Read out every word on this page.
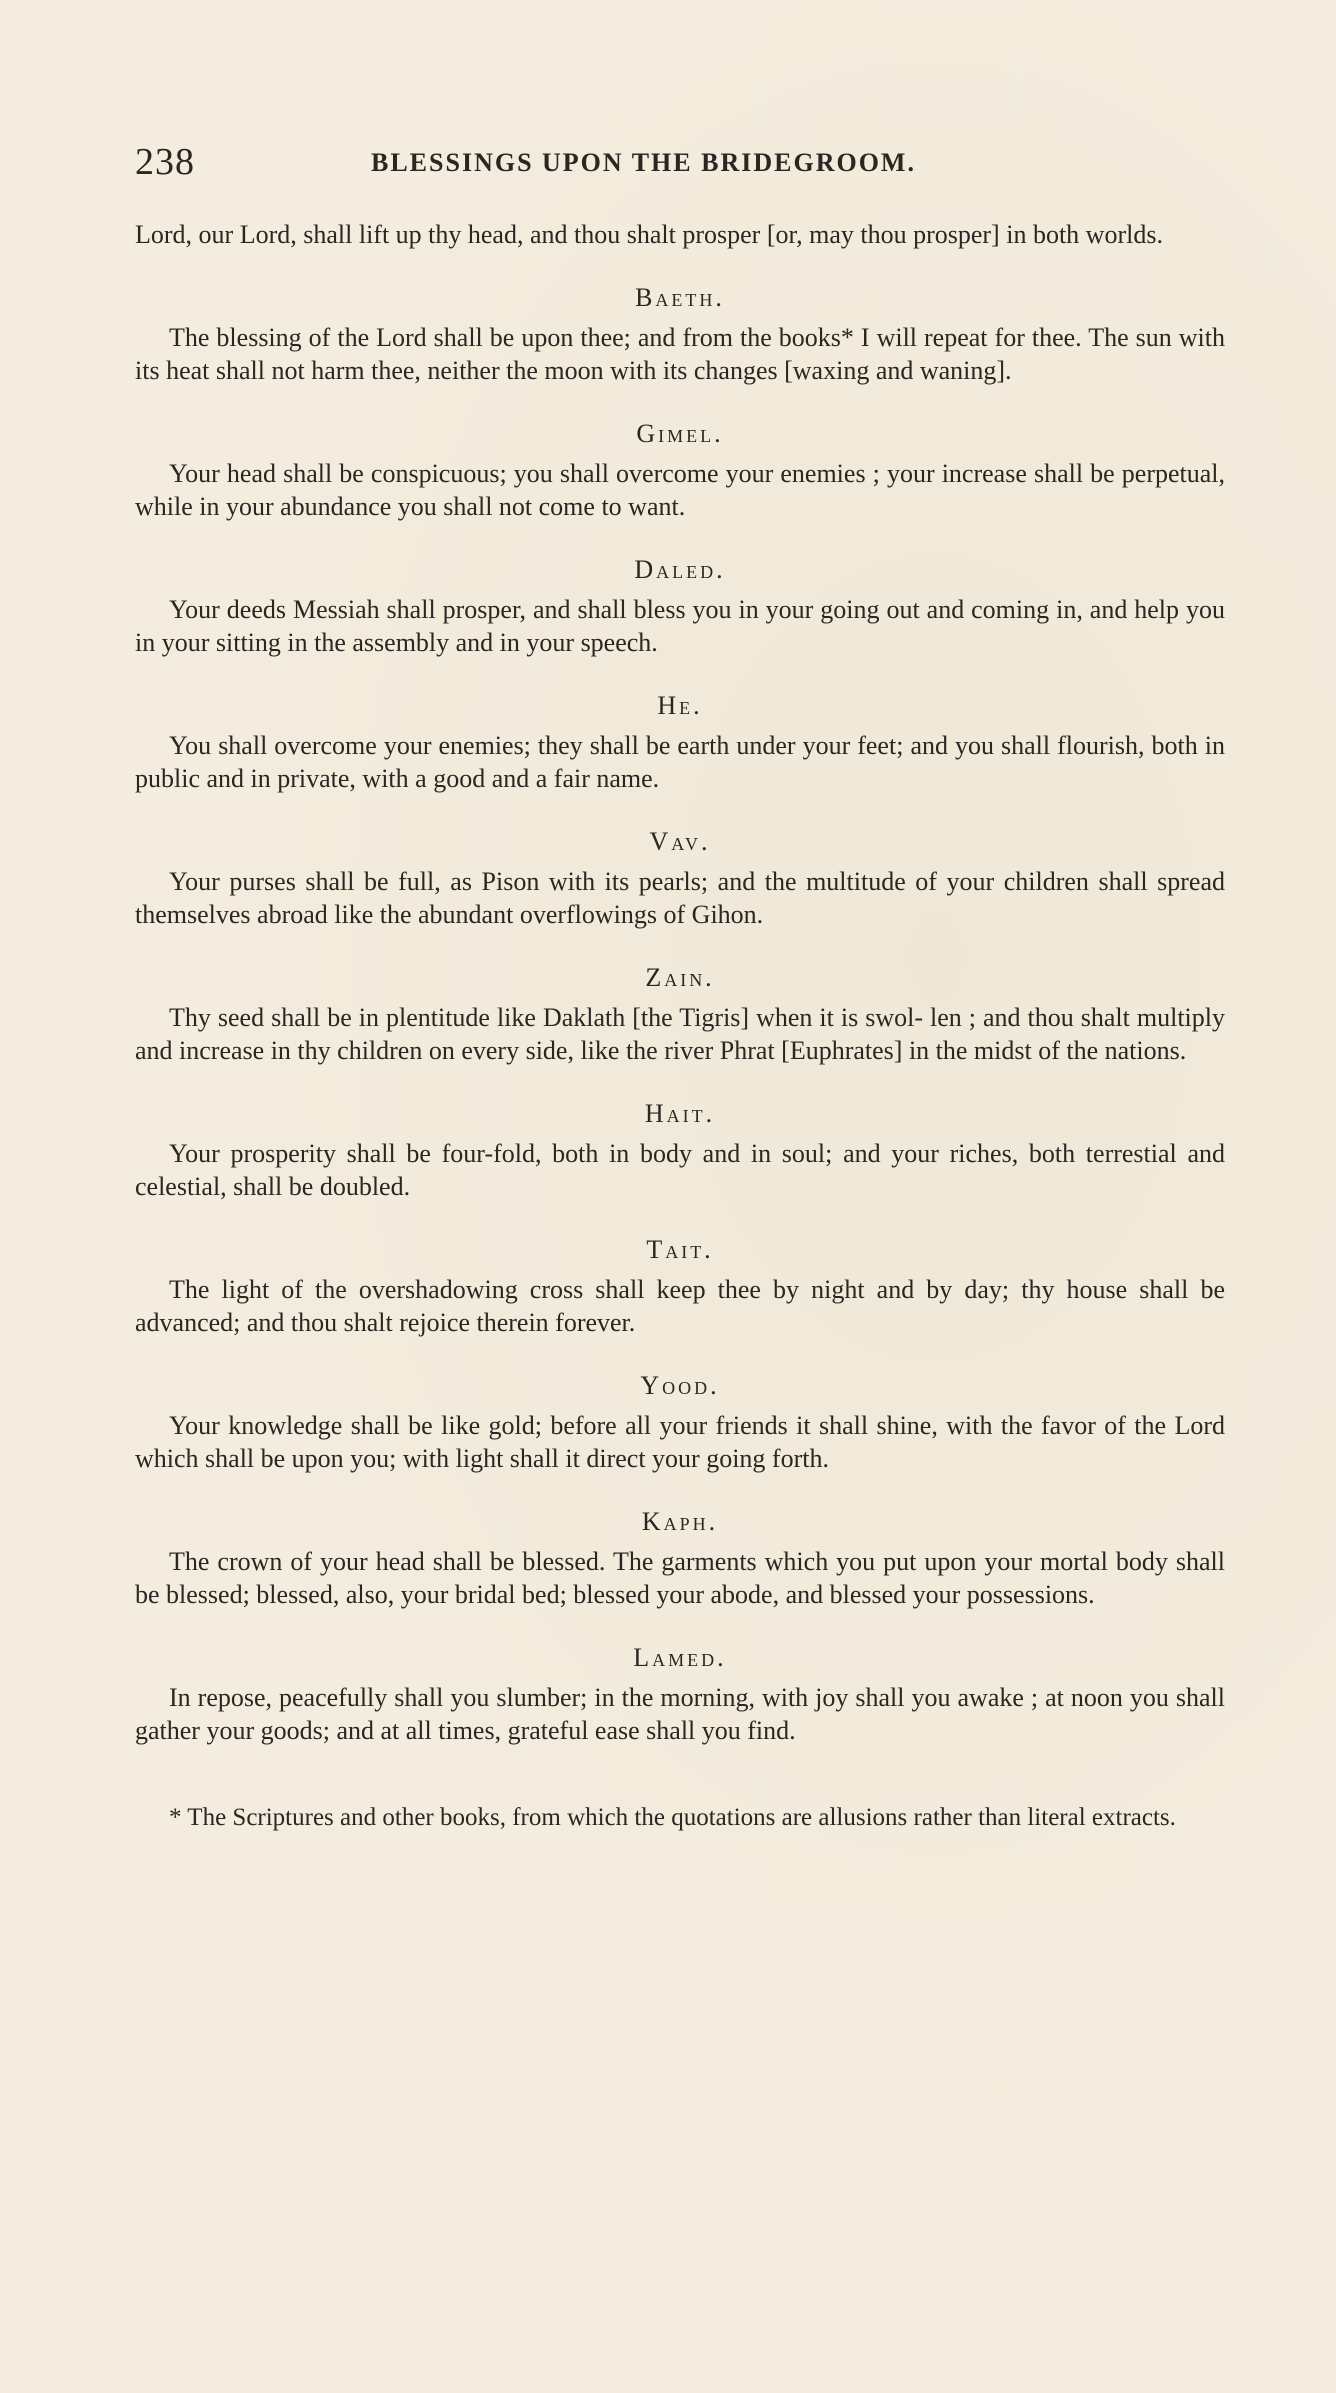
238	BLESSINGS UPON THE BRIDEGROOM.

Lord, our Lord, shall lift up thy head, and thou shalt prosper [or, may thou prosper] in both worlds.

Baeth.

The blessing of the Lord shall be upon thee; and from the books* I will repeat for thee. The sun with its heat shall not harm thee, neither the moon with its changes [waxing and waning].

Gimel.

Your head shall be conspicuous; you shall overcome your enemies ; your increase shall be perpetual, while in your abundance you shall not come to want.

Daled.

Your deeds Messiah shall prosper, and shall bless you in your going out and coming in, and help you in your sitting in the assembly and in your speech.

He.

You shall overcome your enemies; they shall be earth under your feet; and you shall flourish, both in public and in private, with a good and a fair name.

Vav.

Your purses shall be full, as Pison with its pearls; and the multitude of your children shall spread themselves abroad like the abundant overflowings of Gihon.

Zain.

Thy seed shall be in plentitude like Daklath [the Tigris] when it is swol- len ; and thou shalt multiply and increase in thy children on every side, like the river Phrat [Euphrates] in the midst of the nations.

Hait.

Your prosperity shall be four-fold, both in body and in soul; and your riches, both terrestial and celestial, shall be doubled.

Tait.

The light of the overshadowing cross shall keep thee by night and by day; thy house shall be advanced; and thou shalt rejoice therein forever.

Yood.

Your knowledge shall be like gold; before all your friends it shall shine, with the favor of the Lord which shall be upon you; with light shall it direct your going forth.

Kaph.

The crown of your head shall be blessed. The garments which you put upon your mortal body shall be blessed; blessed, also, your bridal bed; blessed your abode, and blessed your possessions.

Lamed.

In repose, peacefully shall you slumber; in the morning, with joy shall you awake ; at noon you shall gather your goods; and at all times, grateful ease shall you find.

* The Scriptures and other books, from which the quotations are allusions rather than literal extracts.
